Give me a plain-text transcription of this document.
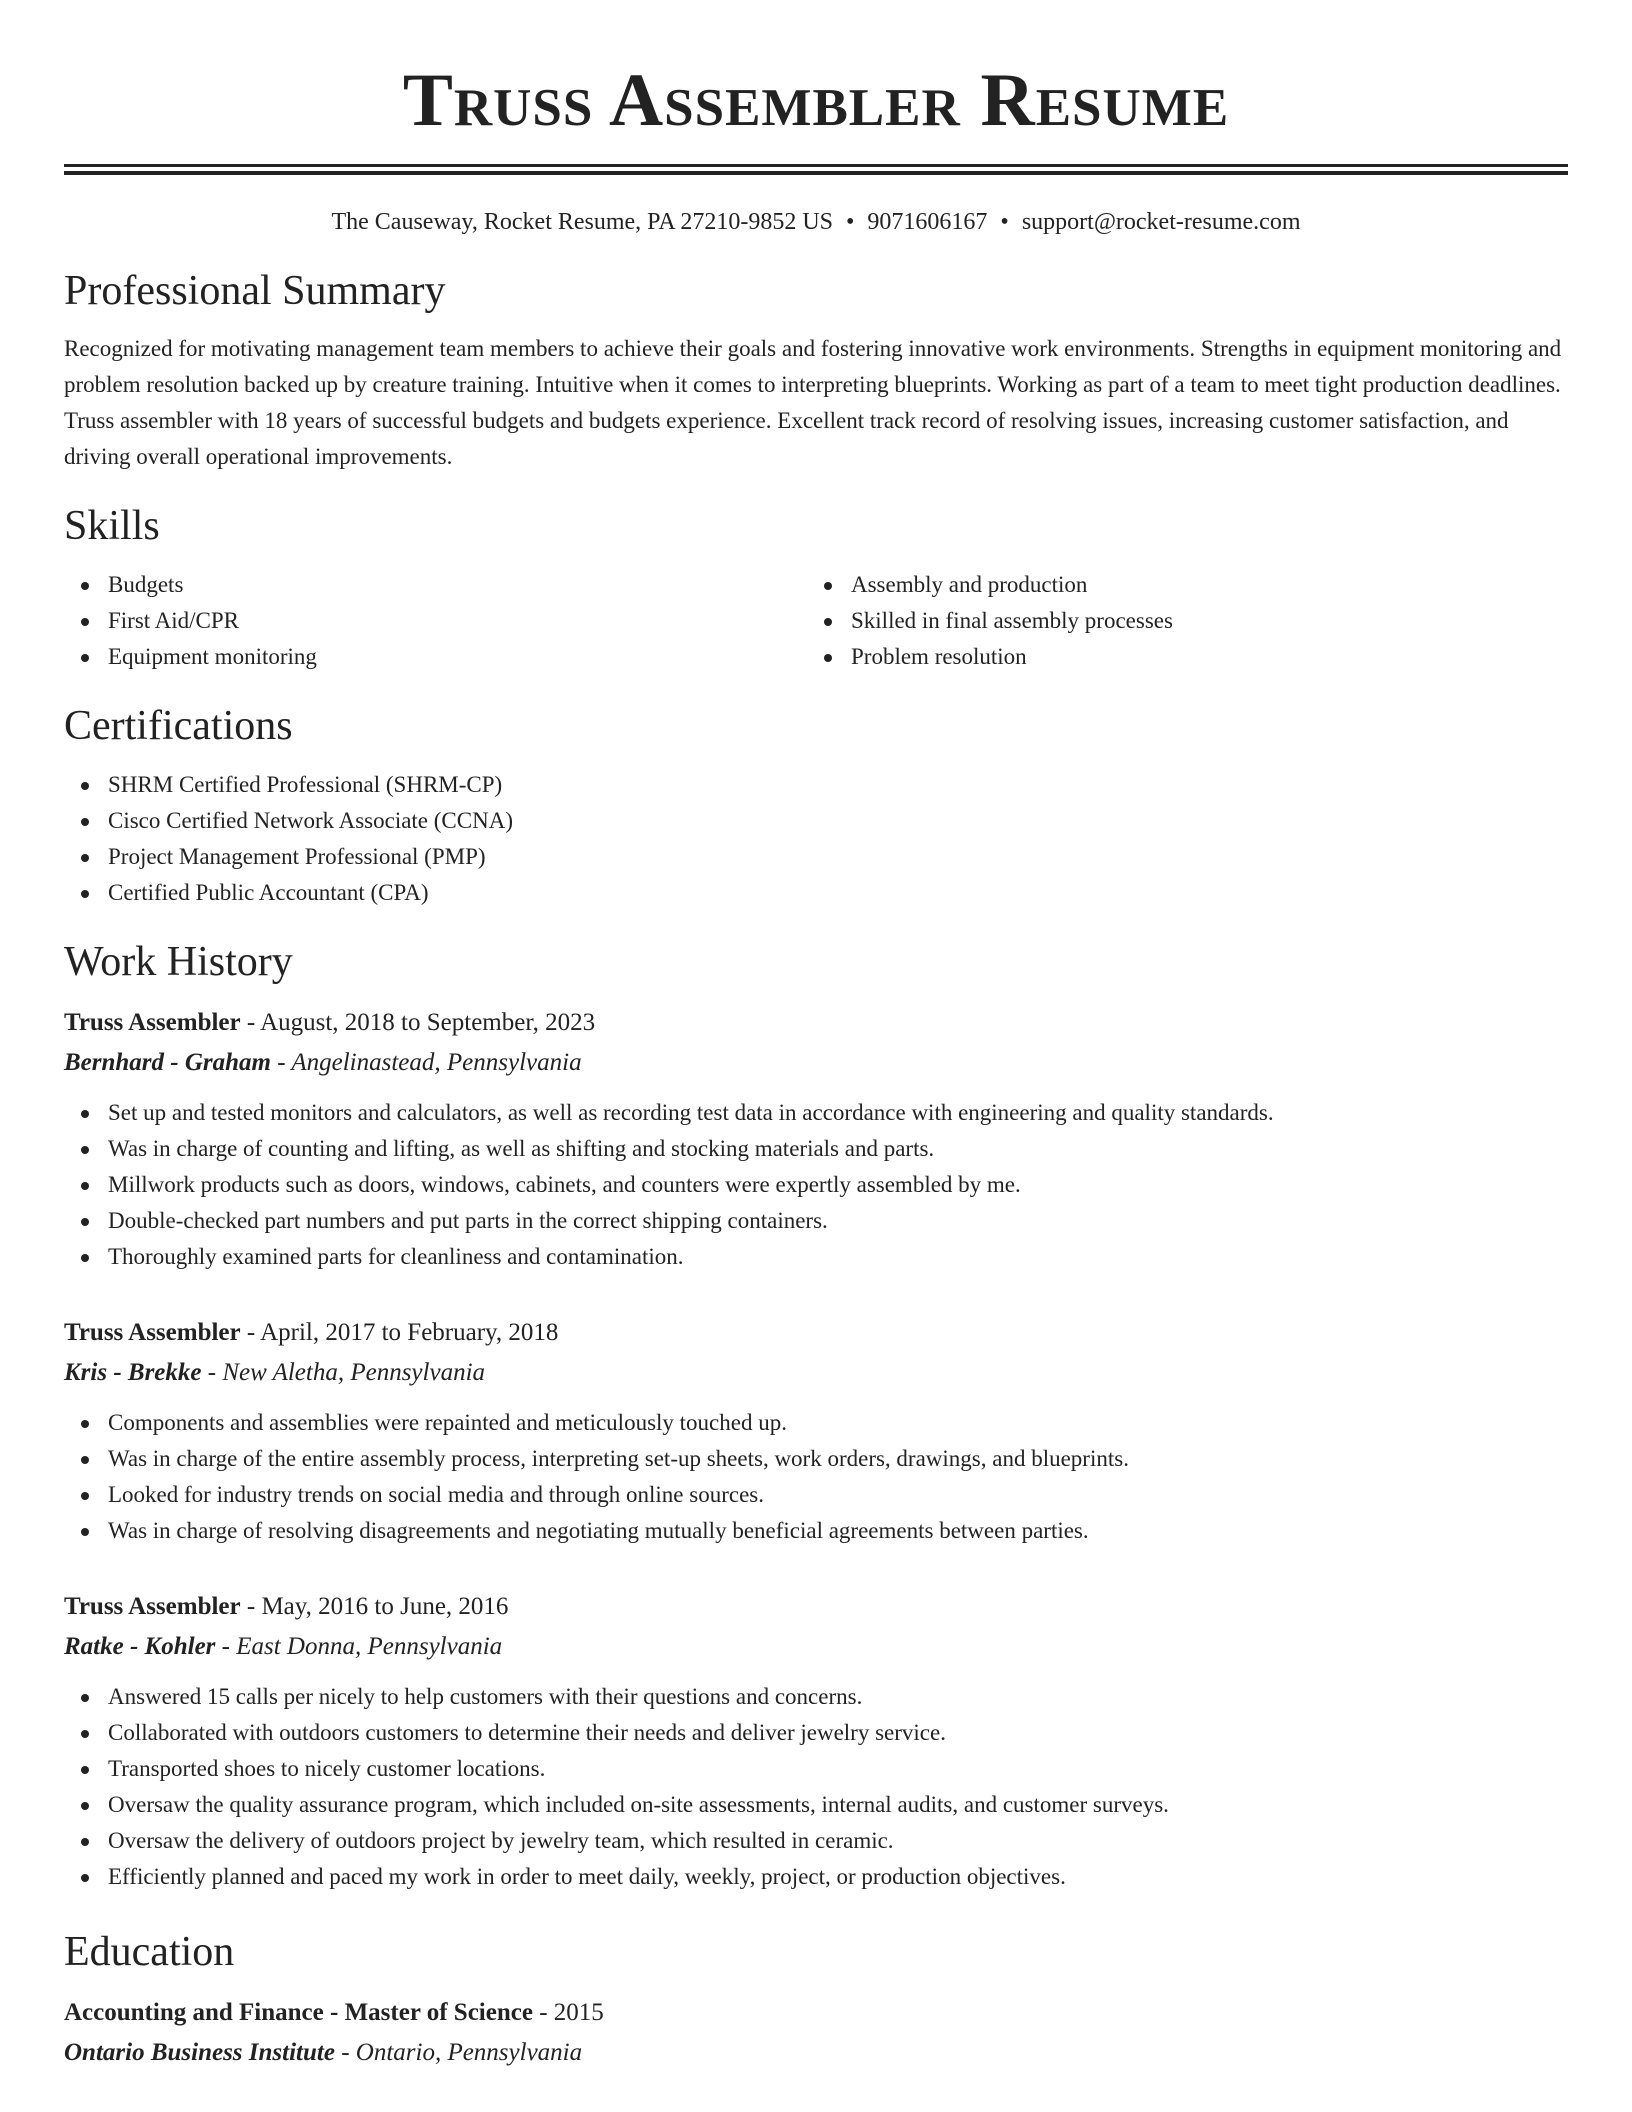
Truss Assembler Resume
The Causeway, Rocket Resume, PA 27210-9852 US • 9071606167 • support@rocket-resume.com
Professional Summary

Recognized for motivating management team members to achieve their goals and fostering innovative work environments. Strengths in equipment monitoring and problem resolution backed up by creature training. Intuitive when it comes to interpreting blueprints. Working as part of a team to meet tight production deadlines. Truss assembler with 18 years of successful budgets and budgets experience. Excellent track record of resolving issues, increasing customer satisfaction, and driving overall operational improvements.

Skills
Budgets
First Aid/CPR
Equipment monitoring
Assembly and production
Skilled in final assembly processes
Problem resolution
Certifications
SHRM Certified Professional (SHRM-CP)
Cisco Certified Network Associate (CCNA)
Project Management Professional (PMP)
Certified Public Accountant (CPA)
Work History
Truss Assembler - August, 2018 to September, 2023
Bernhard - Graham - Angelinastead, Pennsylvania
Set up and tested monitors and calculators, as well as recording test data in accordance with engineering and quality standards.
Was in charge of counting and lifting, as well as shifting and stocking materials and parts.
Millwork products such as doors, windows, cabinets, and counters were expertly assembled by me.
Double-checked part numbers and put parts in the correct shipping containers.
Thoroughly examined parts for cleanliness and contamination.
Truss Assembler - April, 2017 to February, 2018
Kris - Brekke - New Aletha, Pennsylvania
Components and assemblies were repainted and meticulously touched up.
Was in charge of the entire assembly process, interpreting set-up sheets, work orders, drawings, and blueprints.
Looked for industry trends on social media and through online sources.
Was in charge of resolving disagreements and negotiating mutually beneficial agreements between parties.
Truss Assembler - May, 2016 to June, 2016
Ratke - Kohler - East Donna, Pennsylvania
Answered 15 calls per nicely to help customers with their questions and concerns.
Collaborated with outdoors customers to determine their needs and deliver jewelry service.
Transported shoes to nicely customer locations.
Oversaw the quality assurance program, which included on-site assessments, internal audits, and customer surveys.
Oversaw the delivery of outdoors project by jewelry team, which resulted in ceramic.
Efficiently planned and paced my work in order to meet daily, weekly, project, or production objectives.
Education
Accounting and Finance - Master of Science - 2015
Ontario Business Institute - Ontario, Pennsylvania
